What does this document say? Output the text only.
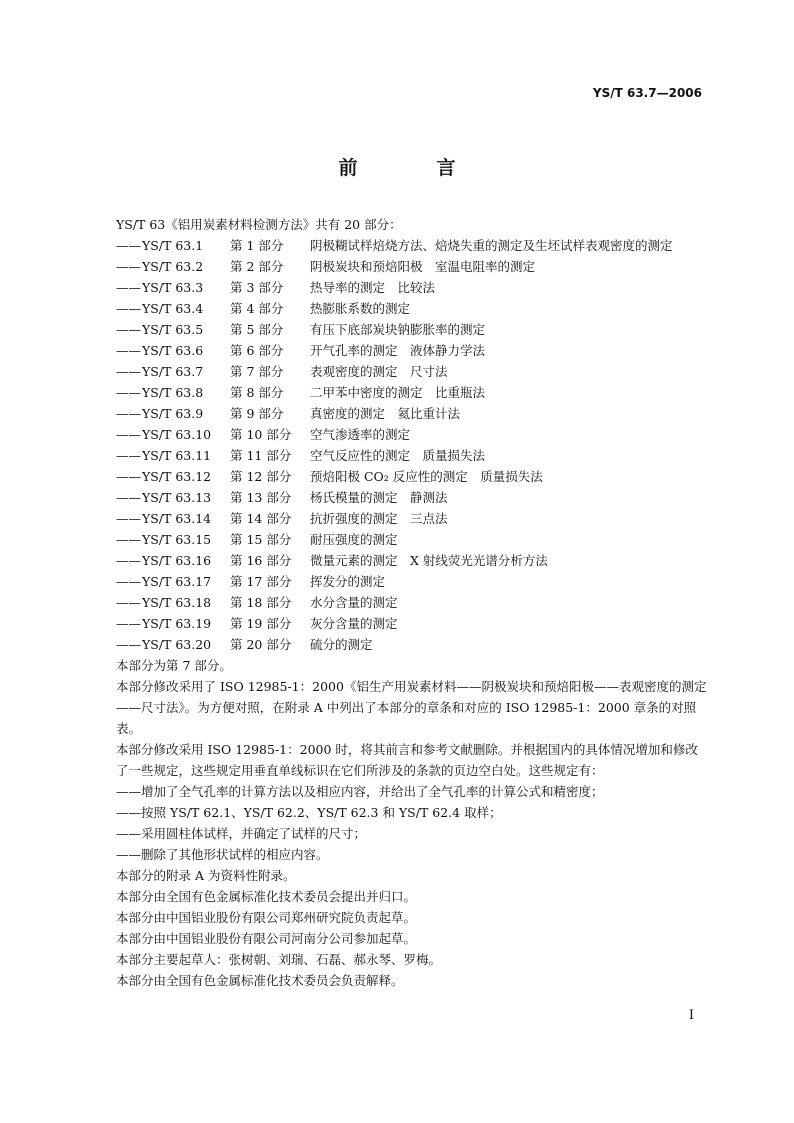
YS/T 63.7—2006
前　言
YS/T 63《铝用炭素材料检测方法》共有 20 部分：
—— YS/T 63.1	第 1 部分	阴极糊试样焙烧方法、焙烧失重的测定及生坯试样表观密度的测定
—— YS/T 63.2	第 2 部分	阴极炭块和预焙阳极　室温电阻率的测定
—— YS/T 63.3	第 3 部分	热导率的测定　比较法
—— YS/T 63.4	第 4 部分	热膨胀系数的测定
—— YS/T 63.5	第 5 部分	有压下底部炭块钠膨胀率的测定
—— YS/T 63.6	第 6 部分	开气孔率的测定　液体静力学法
—— YS/T 63.7	第 7 部分	表观密度的测定　尺寸法
—— YS/T 63.8	第 8 部分	二甲苯中密度的测定　比重瓶法
—— YS/T 63.9	第 9 部分	真密度的测定　氦比重计法
—— YS/T 63.10	第 10 部分	空气渗透率的测定
—— YS/T 63.11	第 11 部分	空气反应性的测定　质量损失法
—— YS/T 63.12	第 12 部分	预焙阳极 CO₂ 反应性的测定　质量损失法
—— YS/T 63.13	第 13 部分	杨氏模量的测定　静测法
—— YS/T 63.14	第 14 部分	抗折强度的测定　三点法
—— YS/T 63.15	第 15 部分	耐压强度的测定
—— YS/T 63.16	第 16 部分	微量元素的测定　X 射线荧光光谱分析方法
—— YS/T 63.17	第 17 部分	挥发分的测定
—— YS/T 63.18	第 18 部分	水分含量的测定
—— YS/T 63.19	第 19 部分	灰分含量的测定
—— YS/T 63.20	第 20 部分	硫分的测定
本部分为第 7 部分。
本部分修改采用了 ISO 12985-1：2000《铝生产用炭素材料——阴极炭块和预焙阳极——表观密度的测定——尺寸法》。为方便对照，在附录 A 中列出了本部分的章条和对应的 ISO 12985-1：2000 章条的对照表。
本部分修改采用 ISO 12985-1：2000 时，将其前言和参考文献删除。并根据国内的具体情况增加和修改了一些规定，这些规定用垂直单线标识在它们所涉及的条款的页边空白处。这些规定有：
——增加了全气孔率的计算方法以及相应内容，并给出了全气孔率的计算公式和精密度；
——按照 YS/T 62.1、YS/T 62.2、YS/T 62.3 和 YS/T 62.4 取样；
——采用圆柱体试样，并确定了试样的尺寸；
——删除了其他形状试样的相应内容。
本部分的附录 A 为资料性附录。
本部分由全国有色金属标准化技术委员会提出并归口。
本部分由中国铝业股份有限公司郑州研究院负责起草。
本部分由中国铝业股份有限公司河南分公司参加起草。
本部分主要起草人：张树朝、刘瑞、石磊、郝永琴、罗梅。
本部分由全国有色金属标准化技术委员会负责解释。
I
